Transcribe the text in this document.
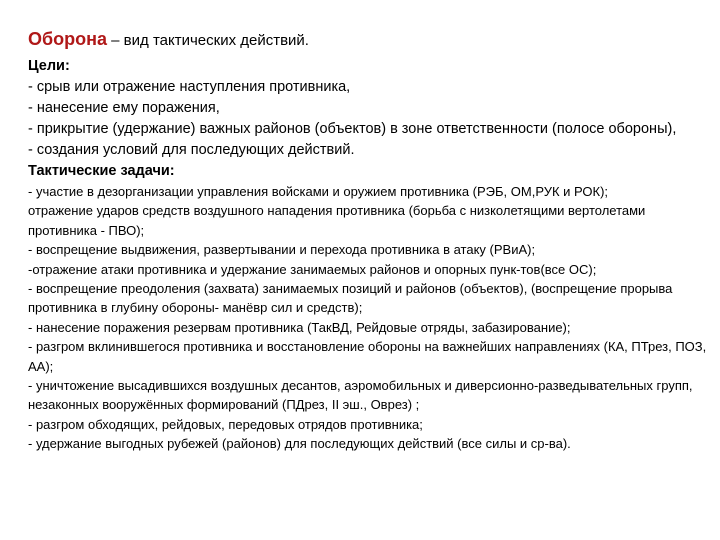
Оборона – вид тактических действий.
Цели:
- срыв или отражение наступления противника,
- нанесение ему поражения,
- прикрытие (удержание) важных районов (объектов) в зоне ответственности (полосе обороны),
- создания условий для последующих действий.
Тактические задачи:
- участие в дезорганизации управления войсками и оружием противника (РЭБ, ОМ,РУК и РОК);
отражение ударов средств воздушного нападения противника (борьба с низколетящими вертолетами противника - ПВО);
- воспрещение выдвижения, развертывании и перехода противника в атаку (РВиА);
-отражение атаки противника и удержание занимаемых районов и опорных пунк-тов(все ОС);
- воспрещение преодоления (захвата) занимаемых позиций и районов (объектов), (воспрещение прорыва противника в глубину обороны- манёвр сил и средств);
- нанесение поражения резервам противника (ТакВД, Рейдовые отряды, забазирование);
- разгром вклинившегося противника и восстановление обороны на важнейших направлениях (КА, ПТрез, ПОЗ, АА);
- уничтожение высадившихся воздушных десантов, аэромобильных и диверсионно-разведывательных групп, незаконных вооружённых формирований (ПДрез, II эш., Оврез) ;
- разгром обходящих, рейдовых, передовых отрядов противника;
- удержание выгодных рубежей (районов) для последующих действий (все силы и ср-ва).
